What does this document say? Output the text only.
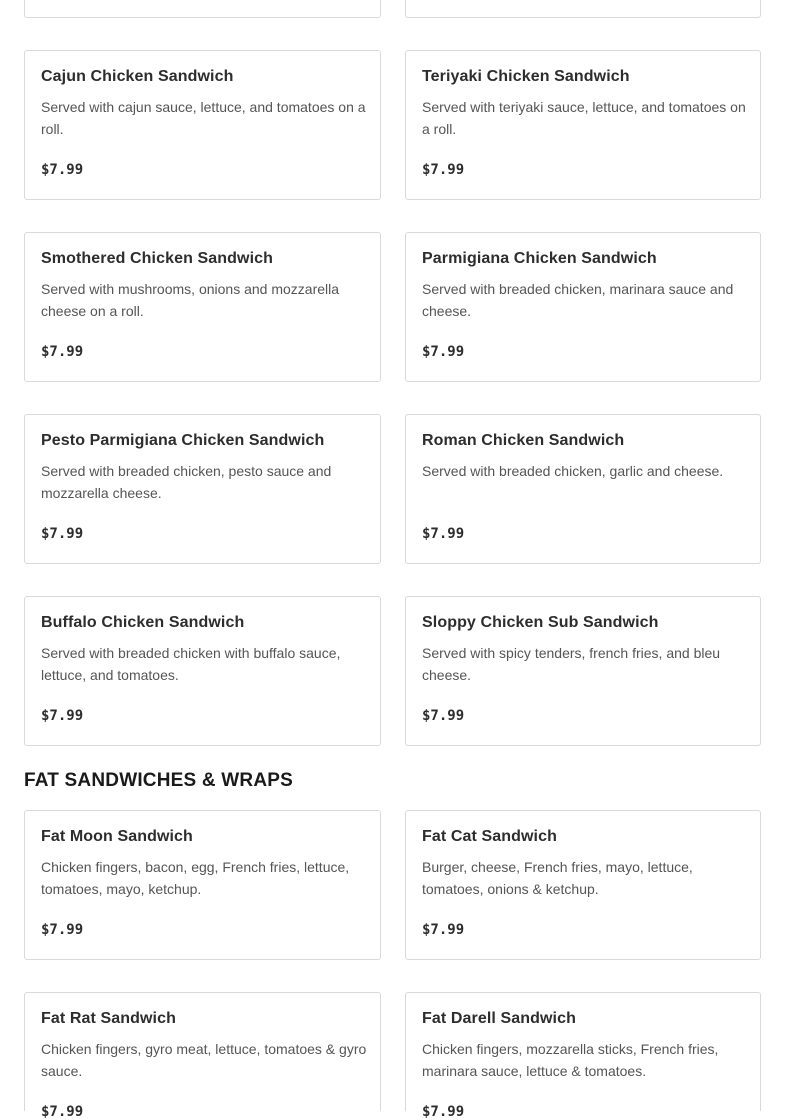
Cajun Chicken Sandwich
Served with cajun sauce, lettuce, and tomatoes on a roll.
$7.99
Teriyaki Chicken Sandwich
Served with teriyaki sauce, lettuce, and tomatoes on a roll.
$7.99
Smothered Chicken Sandwich
Served with mushrooms, onions and mozzarella cheese on a roll.
$7.99
Parmigiana Chicken Sandwich
Served with breaded chicken, marinara sauce and cheese.
$7.99
Pesto Parmigiana Chicken Sandwich
Served with breaded chicken, pesto sauce and mozzarella cheese.
$7.99
Roman Chicken Sandwich
Served with breaded chicken, garlic and cheese.
$7.99
Buffalo Chicken Sandwich
Served with breaded chicken with buffalo sauce, lettuce, and tomatoes.
$7.99
Sloppy Chicken Sub Sandwich
Served with spicy tenders, french fries, and bleu cheese.
$7.99
FAT SANDWICHES & WRAPS
Fat Moon Sandwich
Chicken fingers, bacon, egg, French fries, lettuce, tomatoes, mayo, ketchup.
$7.99
Fat Cat Sandwich
Burger, cheese, French fries, mayo, lettuce, tomatoes, onions & ketchup.
$7.99
Fat Rat Sandwich
Chicken fingers, gyro meat, lettuce, tomatoes & gyro sauce.
$7.99
Fat Darell Sandwich
Chicken fingers, mozzarella sticks, French fries, marinara sauce, lettuce & tomatoes.
$7.99
